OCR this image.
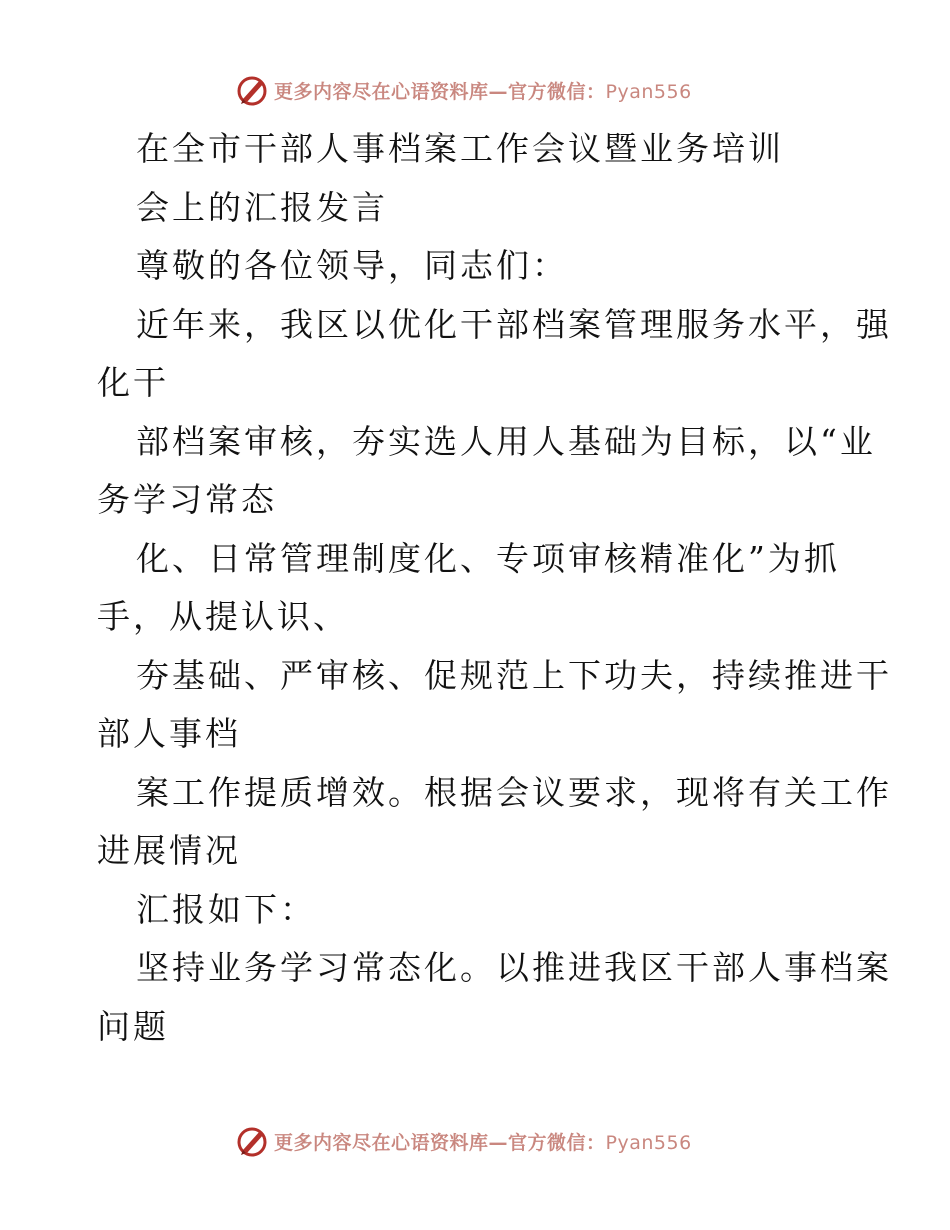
更多内容尽在心语资料库—官方微信：Pyan556
在全市干部人事档案工作会议暨业务培训
会上的汇报发言
尊敬的各位领导，同志们：
近年来，我区以优化干部档案管理服务水平，强
化干
部档案审核，夯实选人用人基础为目标，以“业
务学习常态
化、日常管理制度化、专项审核精准化”为抓
手，从提认识、
夯基础、严审核、促规范上下功夫，持续推进干
部人事档
案工作提质增效。根据会议要求，现将有关工作
进展情况
汇报如下：
坚持业务学习常态化。以推进我区干部人事档案
问题
更多内容尽在心语资料库—官方微信：Pyan556
